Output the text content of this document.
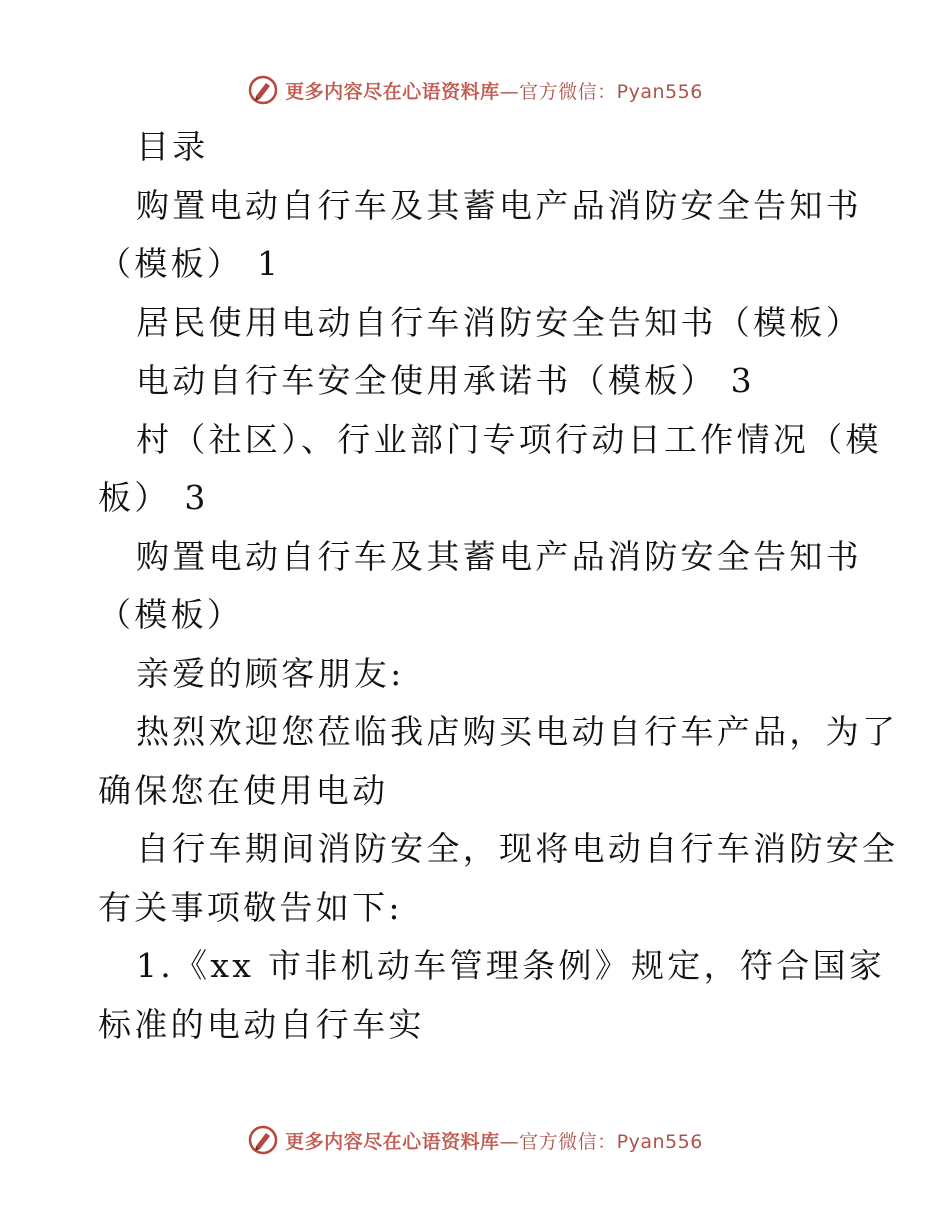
更多内容尽在心语资料库—官方微信：Pyan556
目录
购置电动自行车及其蓄电产品消防安全告知书
（模板） 1
居民使用电动自行车消防安全告知书（模板）
电动自行车安全使用承诺书（模板） 3
村（社区）、行业部门专项行动日工作情况（模
板） 3
购置电动自行车及其蓄电产品消防安全告知书
（模板）
亲爱的顾客朋友:
热烈欢迎您莅临我店购买电动自行车产品，为了
确保您在使用电动
自行车期间消防安全，现将电动自行车消防安全
有关事项敬告如下:
1.《xx 市非机动车管理条例》规定，符合国家
标准的电动自行车实
更多内容尽在心语资料库—官方微信：Pyan556
